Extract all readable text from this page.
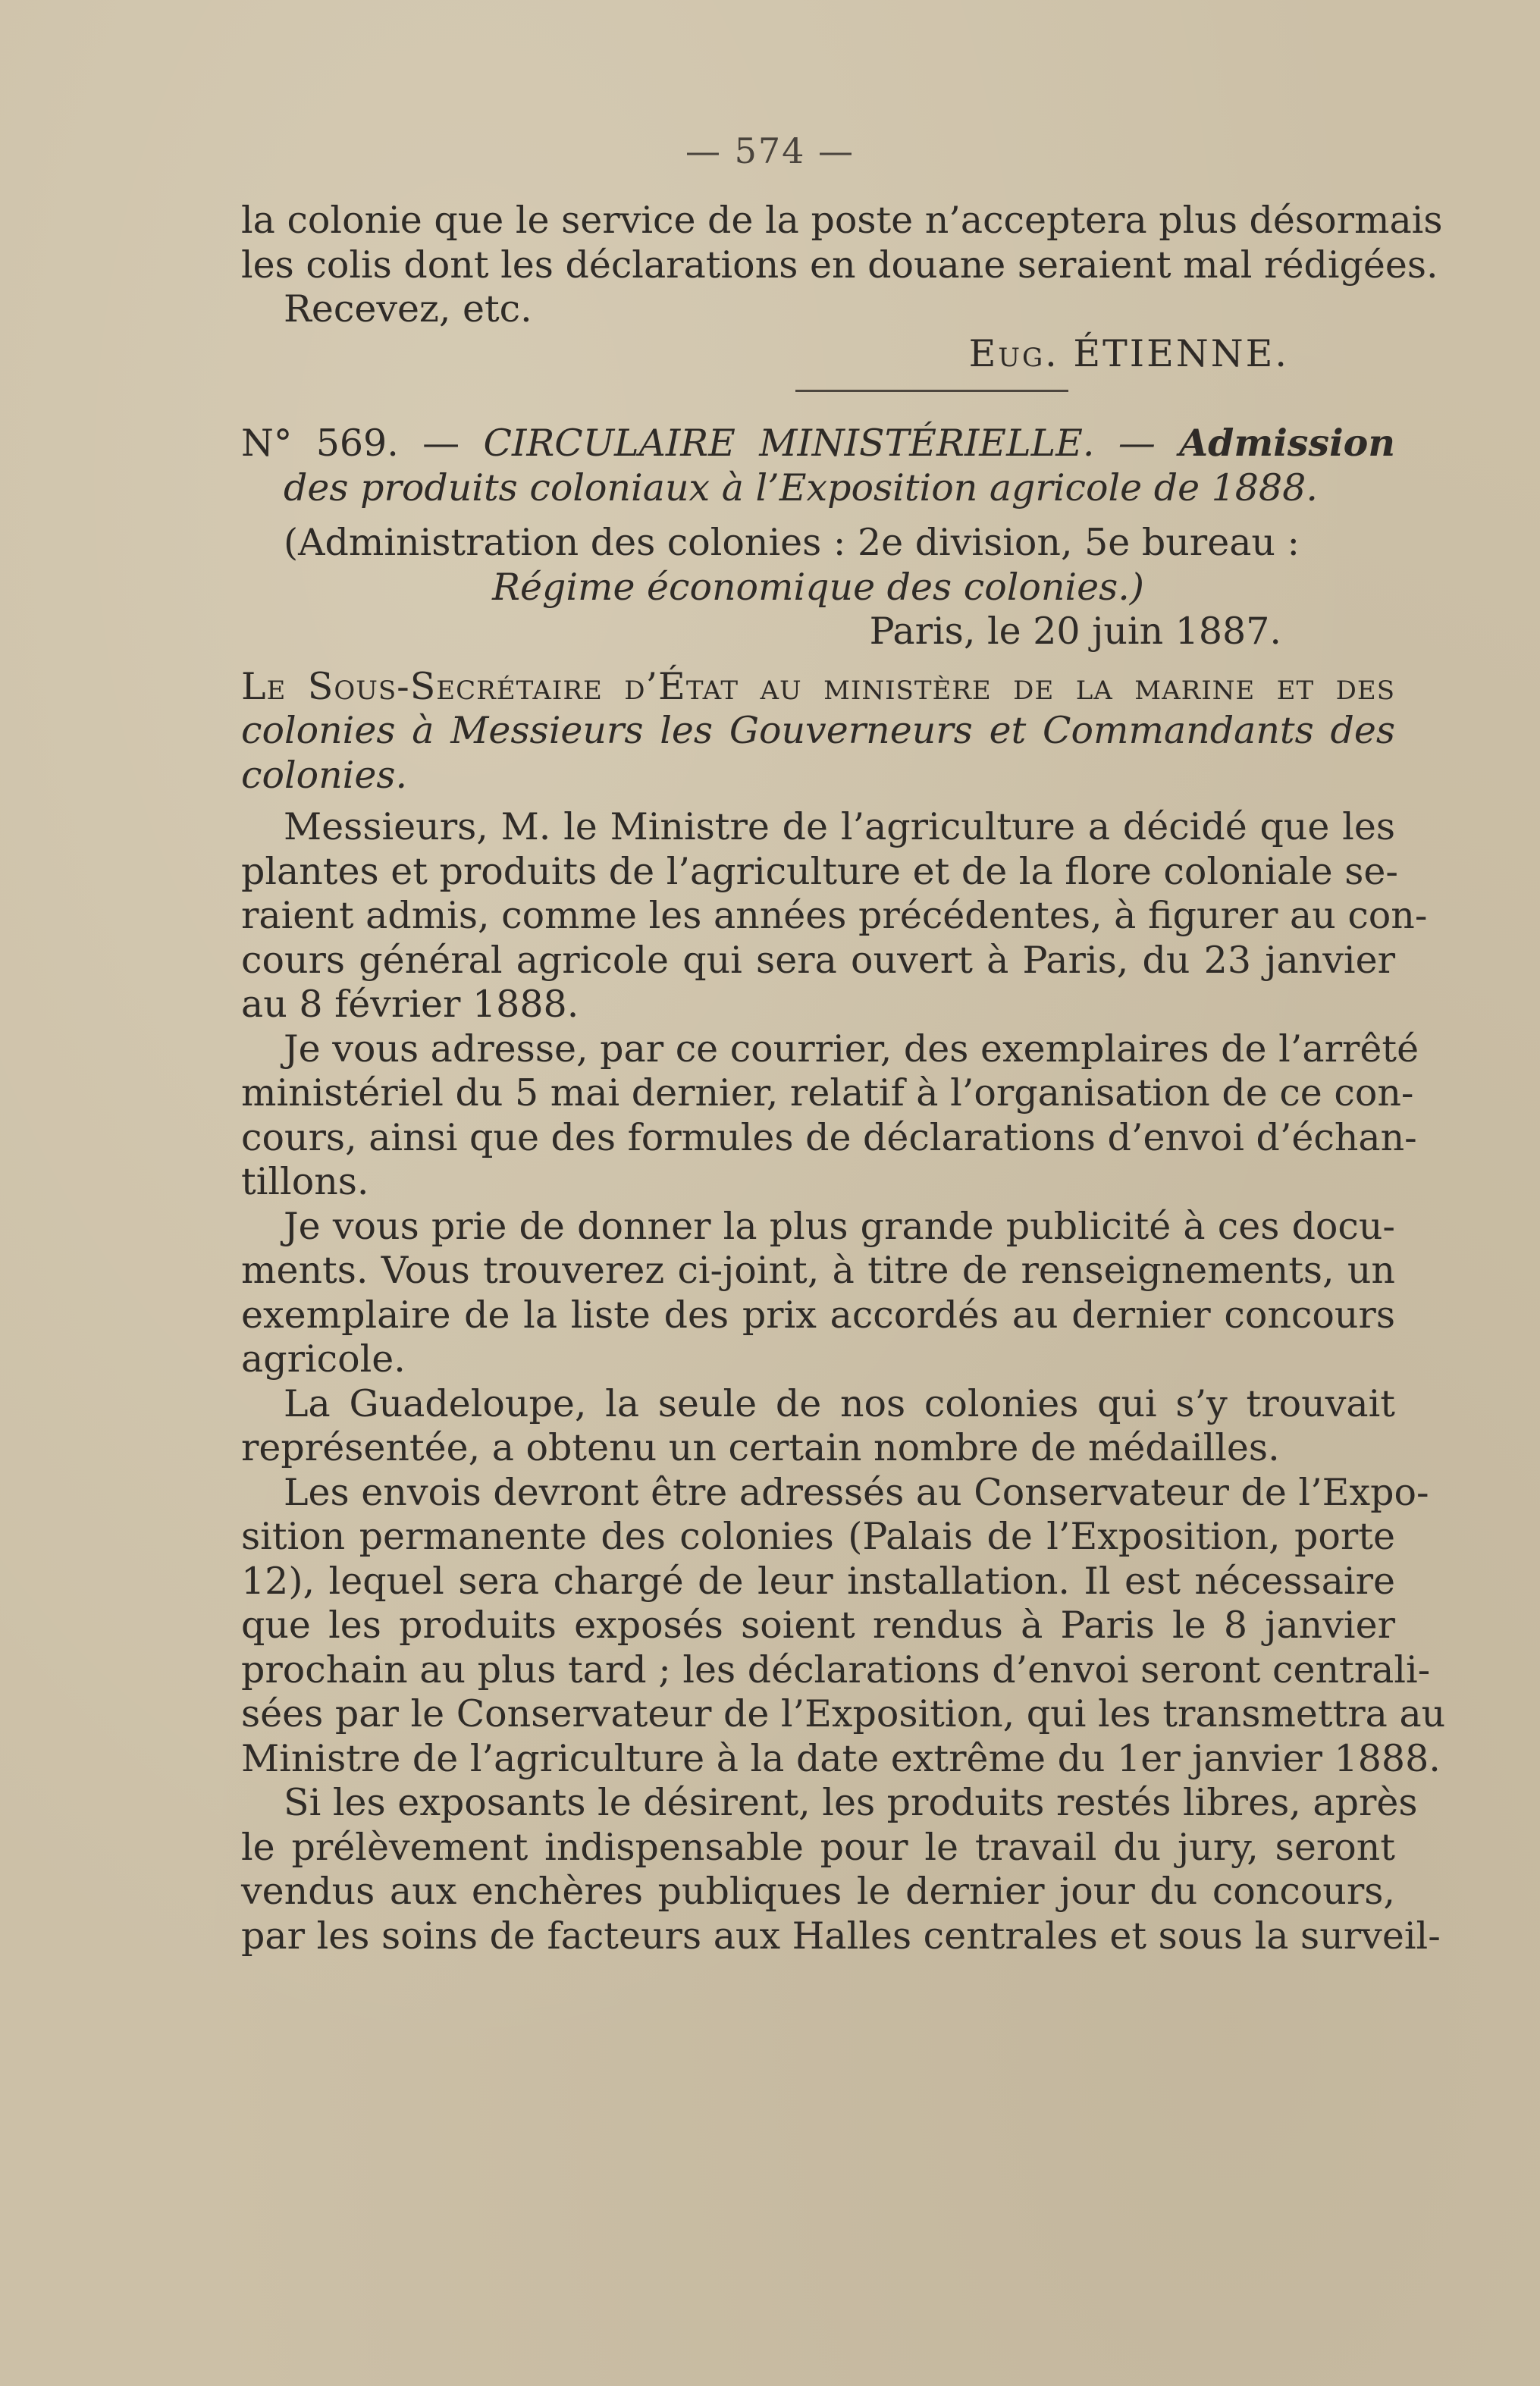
— 574 —
la colonie que le service de la poste n’acceptera plus désormais
les colis dont les déclarations en douane seraient mal rédigées.
Recevez, etc.
Eug. ÉTIENNE.
N° 569. — CIRCULAIRE MINISTÉRIELLE. — Admission
des produits coloniaux à l’Exposition agricole de 1888.
(Administration des colonies : 2e division, 5e bureau :
Régime économique des colonies.)
Paris, le 20 juin 1887.
Le Sous-Secrétaire d’État au ministère de la marine et des
colonies à Messieurs les Gouverneurs et Commandants des
colonies.
Messieurs, M. le Ministre de l’agriculture a décidé que les
plantes et produits de l’agriculture et de la flore coloniale se-
raient admis, comme les années précédentes, à figurer au con-
cours général agricole qui sera ouvert à Paris, du 23 janvier
au 8 février 1888.
Je vous adresse, par ce courrier, des exemplaires de l’arrêté
ministériel du 5 mai dernier, relatif à l’organisation de ce con-
cours, ainsi que des formules de déclarations d’envoi d’échan-
tillons.
Je vous prie de donner la plus grande publicité à ces docu-
ments. Vous trouverez ci-joint, à titre de renseignements, un
exemplaire de la liste des prix accordés au dernier concours
agricole.
La Guadeloupe, la seule de nos colonies qui s’y trouvait
représentée, a obtenu un certain nombre de médailles.
Les envois devront être adressés au Conservateur de l’Expo-
sition permanente des colonies (Palais de l’Exposition, porte
12), lequel sera chargé de leur installation. Il est nécessaire
que les produits exposés soient rendus à Paris le 8 janvier
prochain au plus tard ; les déclarations d’envoi seront centrali-
sées par le Conservateur de l’Exposition, qui les transmettra au
Ministre de l’agriculture à la date extrême du 1er janvier 1888.
Si les exposants le désirent, les produits restés libres, après
le prélèvement indispensable pour le travail du jury, seront
vendus aux enchères publiques le dernier jour du concours,
par les soins de facteurs aux Halles centrales et sous la surveil-
